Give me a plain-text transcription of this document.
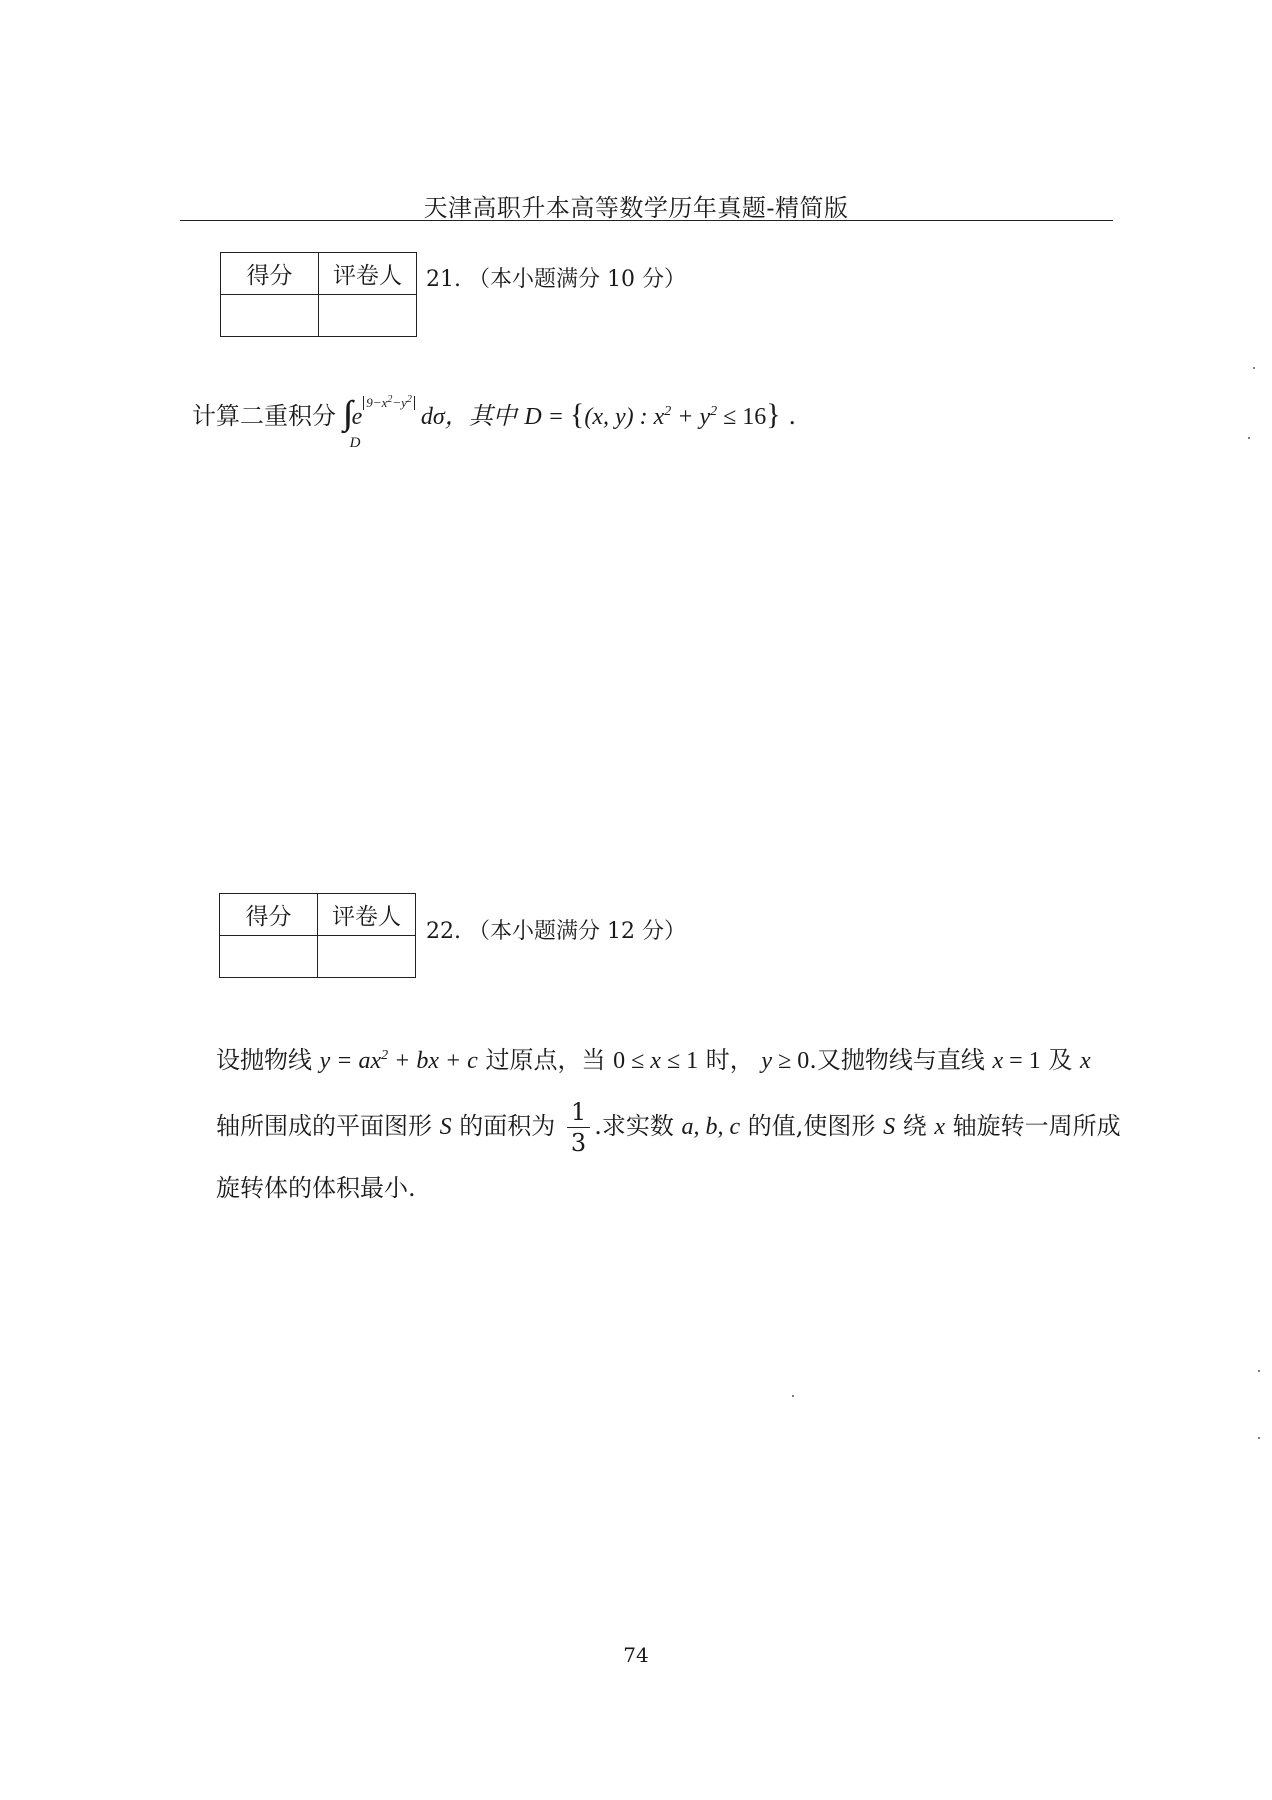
天津高职升本高等数学历年真题-精简版
得分	评卷人
	21. （本小题满分 10 分）
计算二重积分
D
$e9-x^2-y^2$ dσ，其中 D = {(x, y) : $x^2 + y^2 \le 16$} .
得分	评卷人

22. （本小题满分 12 分）
设抛物线 $y = ax^2$ + bx + c 过原点，当 0 ≤ x ≤ 1 时， y ≥ 0.又抛物线与直线 x = 1 及 x
轴所围成的平面图形 S 的面积为 $\frac{1}{3}$ .求实数 a, b, c 的值,使图形 S 绕 x 轴旋转一周所成
旋转体的体积最小.
74
